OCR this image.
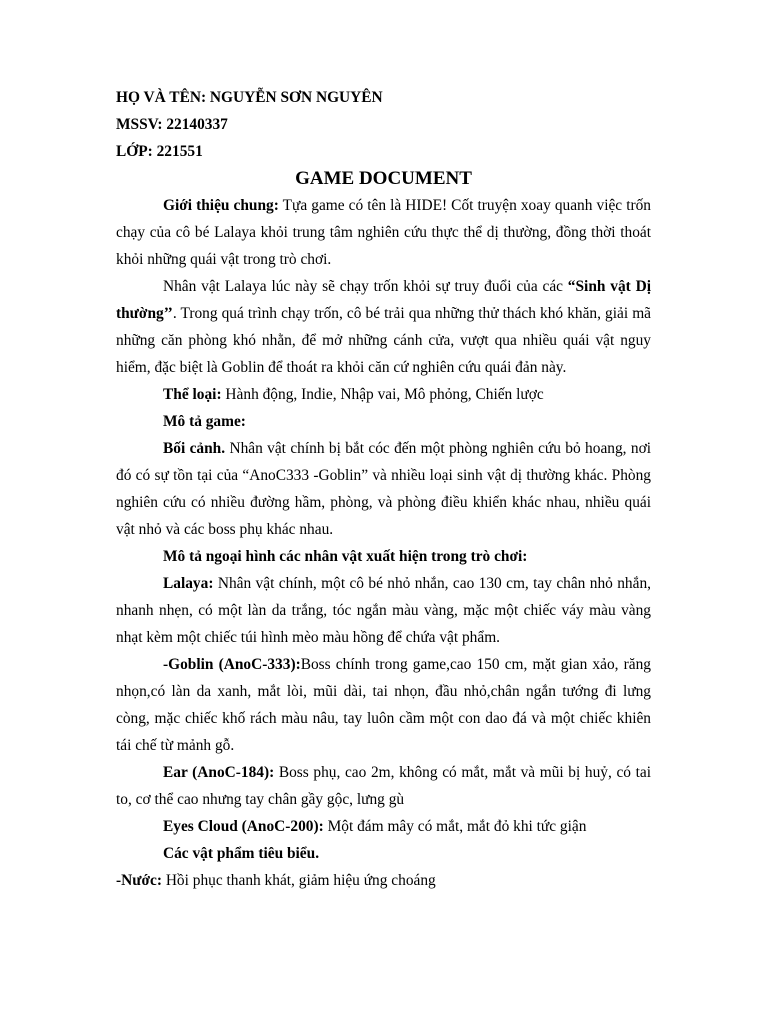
HỌ VÀ TÊN: NGUYỄN SƠN NGUYÊN
MSSV: 22140337
LỚP: 221551
GAME DOCUMENT
Giới thiệu chung: Tựa game có tên là HIDE! Cốt truyện xoay quanh việc trốn chạy của cô bé Lalaya khỏi trung tâm nghiên cứu thực thể dị thường, đồng thời thoát khỏi những quái vật trong trò chơi.
Nhân vật Lalaya lúc này sẽ chạy trốn khỏi sự truy đuổi của các “Sinh vật Dị thường’’. Trong quá trình chạy trốn, cô bé trải qua những thử thách khó khăn, giải mã những căn phòng khó nhằn, để mở những cánh cửa, vượt qua nhiều quái vật nguy hiểm, đặc biệt là Goblin để thoát ra khỏi căn cứ nghiên cứu quái đản này.
Thể loại: Hành động, Indie, Nhập vai, Mô phỏng, Chiến lược
Mô tả game:
Bối cảnh. Nhân vật chính bị bắt cóc đến một phòng nghiên cứu bỏ hoang, nơi đó có sự tồn tại của “AnoC333 -Goblin” và nhiều loại sinh vật dị thường khác. Phòng nghiên cứu có nhiều đường hầm, phòng, và phòng điều khiển khác nhau, nhiều quái vật nhỏ và các boss phụ khác nhau.
Mô tả ngoại hình các nhân vật xuất hiện trong trò chơi:
Lalaya: Nhân vật chính, một cô bé nhỏ nhắn, cao 130 cm, tay chân nhỏ nhắn, nhanh nhẹn, có một làn da trắng, tóc ngắn màu vàng, mặc một chiếc váy màu vàng nhạt kèm một chiếc túi hình mèo màu hồng để chứa vật phẩm.
-Goblin (AnoC-333):Boss chính trong game,cao 150 cm, mặt gian xảo, răng nhọn,có làn da xanh, mắt lòi, mũi dài, tai nhọn, đầu nhỏ,chân ngắn tướng đi lưng còng, mặc chiếc khố rách màu nâu, tay luôn cầm một con dao đá và một chiếc khiên tái chế từ mảnh gỗ.
Ear (AnoC-184): Boss phụ, cao 2m, không có mắt, mắt và mũi bị huỷ, có tai to, cơ thể cao nhưng tay chân gầy gộc, lưng gù
Eyes Cloud (AnoC-200): Một đám mây có mắt, mắt đỏ khi tức giận
Các vật phẩm tiêu biểu.
-Nước: Hồi phục thanh khát, giảm hiệu ứng choáng
